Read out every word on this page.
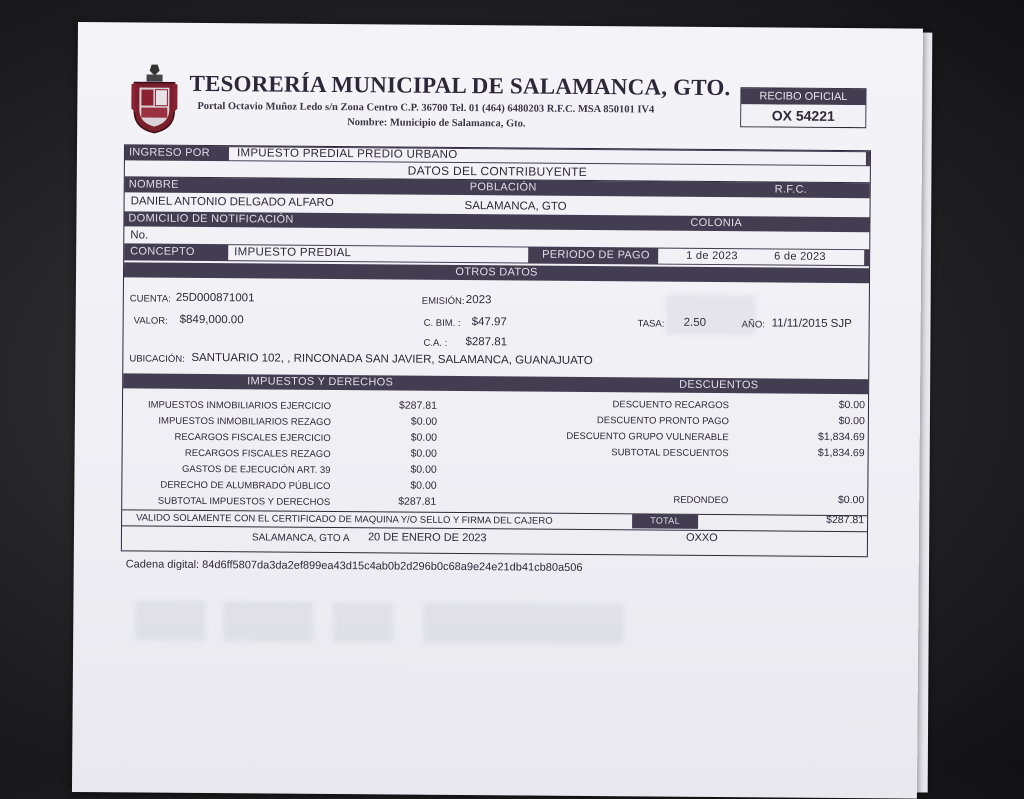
TESORERÍA MUNICIPAL DE SALAMANCA, GTO.
Portal Octavio Muñoz Ledo s/n Zona Centro C.P. 36700 Tel. 01 (464) 6480203 R.F.C. MSA 850101 IV4
Nombre: Municipio de Salamanca, Gto.
RECIBO OFICIAL
OX 54221
INGRESO POR	IMPUESTO PREDIAL PREDIO URBANO
DATOS DEL CONTRIBUYENTE
NOMBRE	POBLACIÓN	R.F.C.
DANIEL ANTONIO DELGADO ALFARO	SALAMANCA, GTO
DOMICILIO DE NOTIFICACIÓN	COLONIA
No.
CONCEPTO	IMPUESTO PREDIAL	PERIODO DE PAGO	1 de 2023	6 de 2023
OTROS DATOS
CUENTA: 25D000871001	EMISIÓN: 2023
VALOR: $849,000.00	C. BIM. : $47.97	TASA: 2.50	AÑO: 11/11/2015 SJP
C.A. : $287.81
UBICACIÓN: SANTUARIO 102, , RINCONADA SAN JAVIER, SALAMANCA, GUANAJUATO
IMPUESTOS Y DERECHOS	DESCUENTOS
IMPUESTOS INMOBILIARIOS EJERCICIO	$287.81
IMPUESTOS INMOBILIARIOS REZAGO	$0.00
RECARGOS FISCALES EJERCICIO	$0.00
RECARGOS FISCALES REZAGO	$0.00
GASTOS DE EJECUCIÓN ART. 39	$0.00
DERECHO DE ALUMBRADO PÚBLICO	$0.00
SUBTOTAL IMPUESTOS Y DERECHOS	$287.81
DESCUENTO RECARGOS	$0.00
DESCUENTO PRONTO PAGO	$0.00
DESCUENTO GRUPO VULNERABLE	$1,834.69
SUBTOTAL DESCUENTOS	$1,834.69
REDONDEO	$0.00
VALIDO SOLAMENTE CON EL CERTIFICADO DE MAQUINA Y/O SELLO Y FIRMA DEL CAJERO	TOTAL	$287.81
SALAMANCA, GTO A 20 DE ENERO DE 2023	OXXO
Cadena digital: 84d6ff5807da3da2ef899ea43d15c4ab0b2d296b0c68a9e24e21db41cb80a506
